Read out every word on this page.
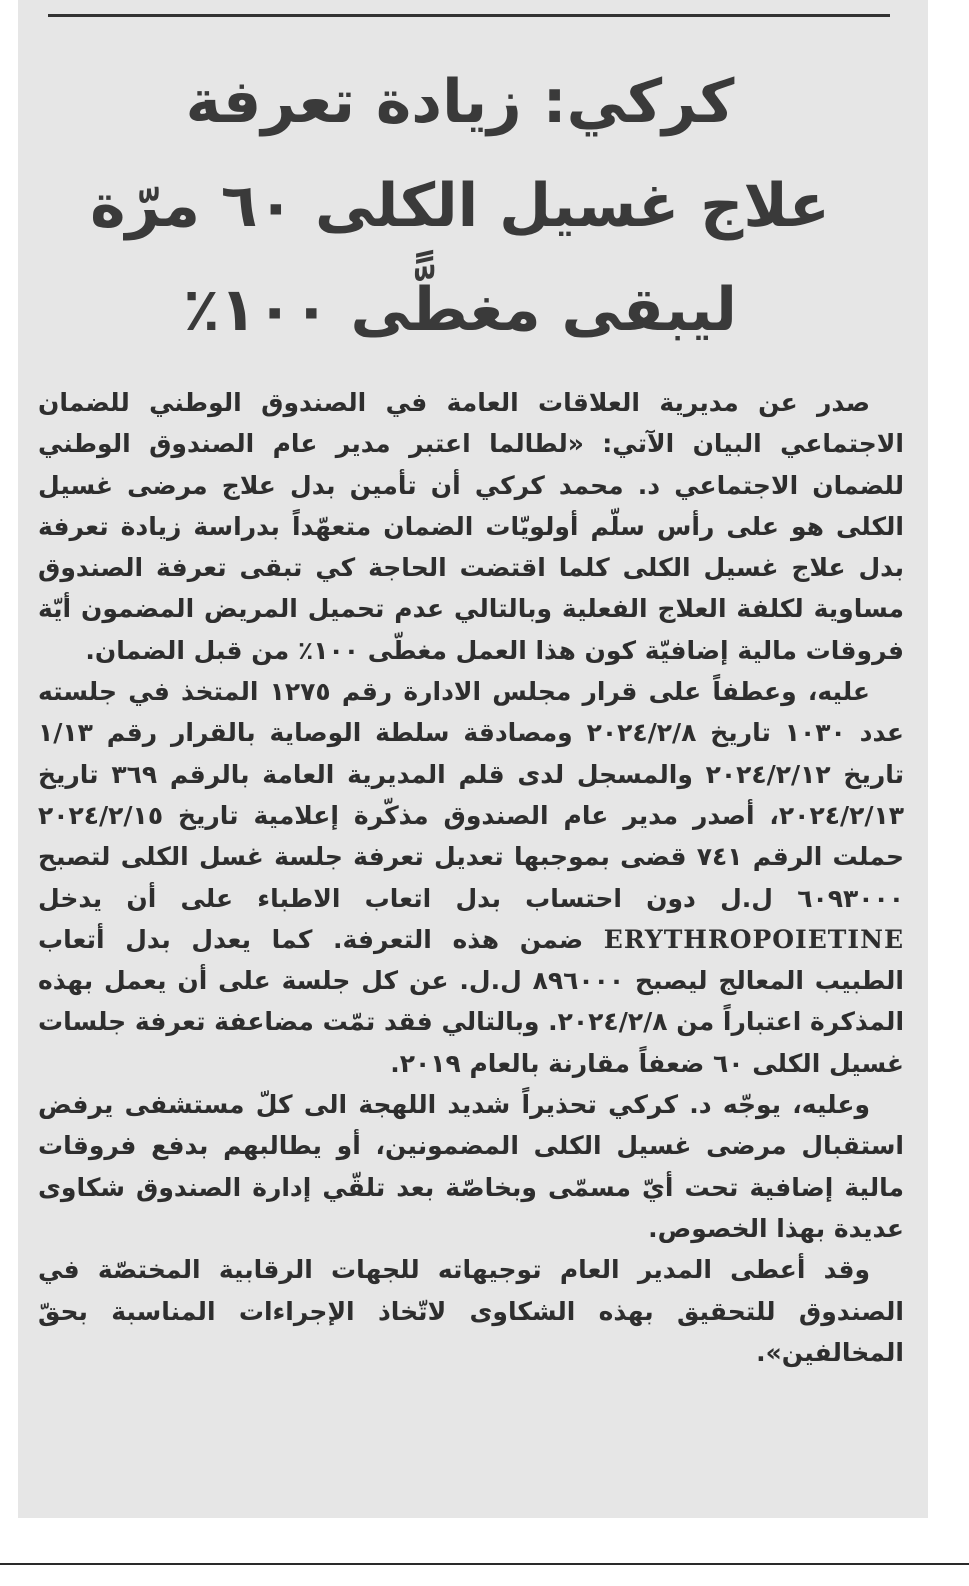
كركي: زيادة تعرفة
علاج غسيل الكلى ٦٠ مرّة
ليبقى مغطًّى ١٠٠٪

صدر عن مديرية العلاقات العامة في الصندوق الوطني للضمان الاجتماعي البيان الآتي: «لطالما اعتبر مدير عام الصندوق الوطني للضمان الاجتماعي د. محمد كركي أن تأمين بدل علاج مرضى غسيل الكلى هو على رأس سلّم أولويّات الضمان متعهّداً بدراسة زيادة تعرفة بدل علاج غسيل الكلى كلما اقتضت الحاجة كي تبقى تعرفة الصندوق مساوية لكلفة العلاج الفعلية وبالتالي عدم تحميل المريض المضمون أيّة فروقات مالية إضافيّة كون هذا العمل مغطّى ١٠٠٪ من قبل الضمان.

عليه، وعطفاً على قرار مجلس الادارة رقم ١٢٧٥ المتخذ في جلسته عدد ١٠٣٠ تاريخ ٢٠٢٤/٢/٨ ومصادقة سلطة الوصاية بالقرار رقم ١/١٣ تاريخ ٢٠٢٤/٢/١٢ والمسجل لدى قلم المديرية العامة بالرقم ٣٦٩ تاريخ ٢٠٢٤/٢/١٣، أصدر مدير عام الصندوق مذكّرة إعلامية تاريخ ٢٠٢٤/٢/١٥ حملت الرقم ٧٤١ قضى بموجبها تعديل تعرفة جلسة غسل الكلى لتصبح ٦٠٩٣٠٠٠ ل.ل دون احتساب بدل اتعاب الاطباء على أن يدخل ERYTHROPOIETINE ضمن هذه التعرفة. كما يعدل بدل أتعاب الطبيب المعالج ليصبح ٨٩٦٠٠٠ ل.ل. عن كل جلسة على أن يعمل بهذه المذكرة اعتباراً من ٢٠٢٤/٢/٨. وبالتالي فقد تمّت مضاعفة تعرفة جلسات غسيل الكلى ٦٠ ضعفاً مقارنة بالعام ٢٠١٩.

وعليه، يوجّه د. كركي تحذيراً شديد اللهجة الى كلّ مستشفى يرفض استقبال مرضى غسيل الكلى المضمونين، أو يطالبهم بدفع فروقات مالية إضافية تحت أيّ مسمّى وبخاصّة بعد تلقّي إدارة الصندوق شكاوى عديدة بهذا الخصوص.

وقد أعطى المدير العام توجيهاته للجهات الرقابية المختصّة في الصندوق للتحقيق بهذه الشكاوى لاتّخاذ الإجراءات المناسبة بحقّ المخالفين».
